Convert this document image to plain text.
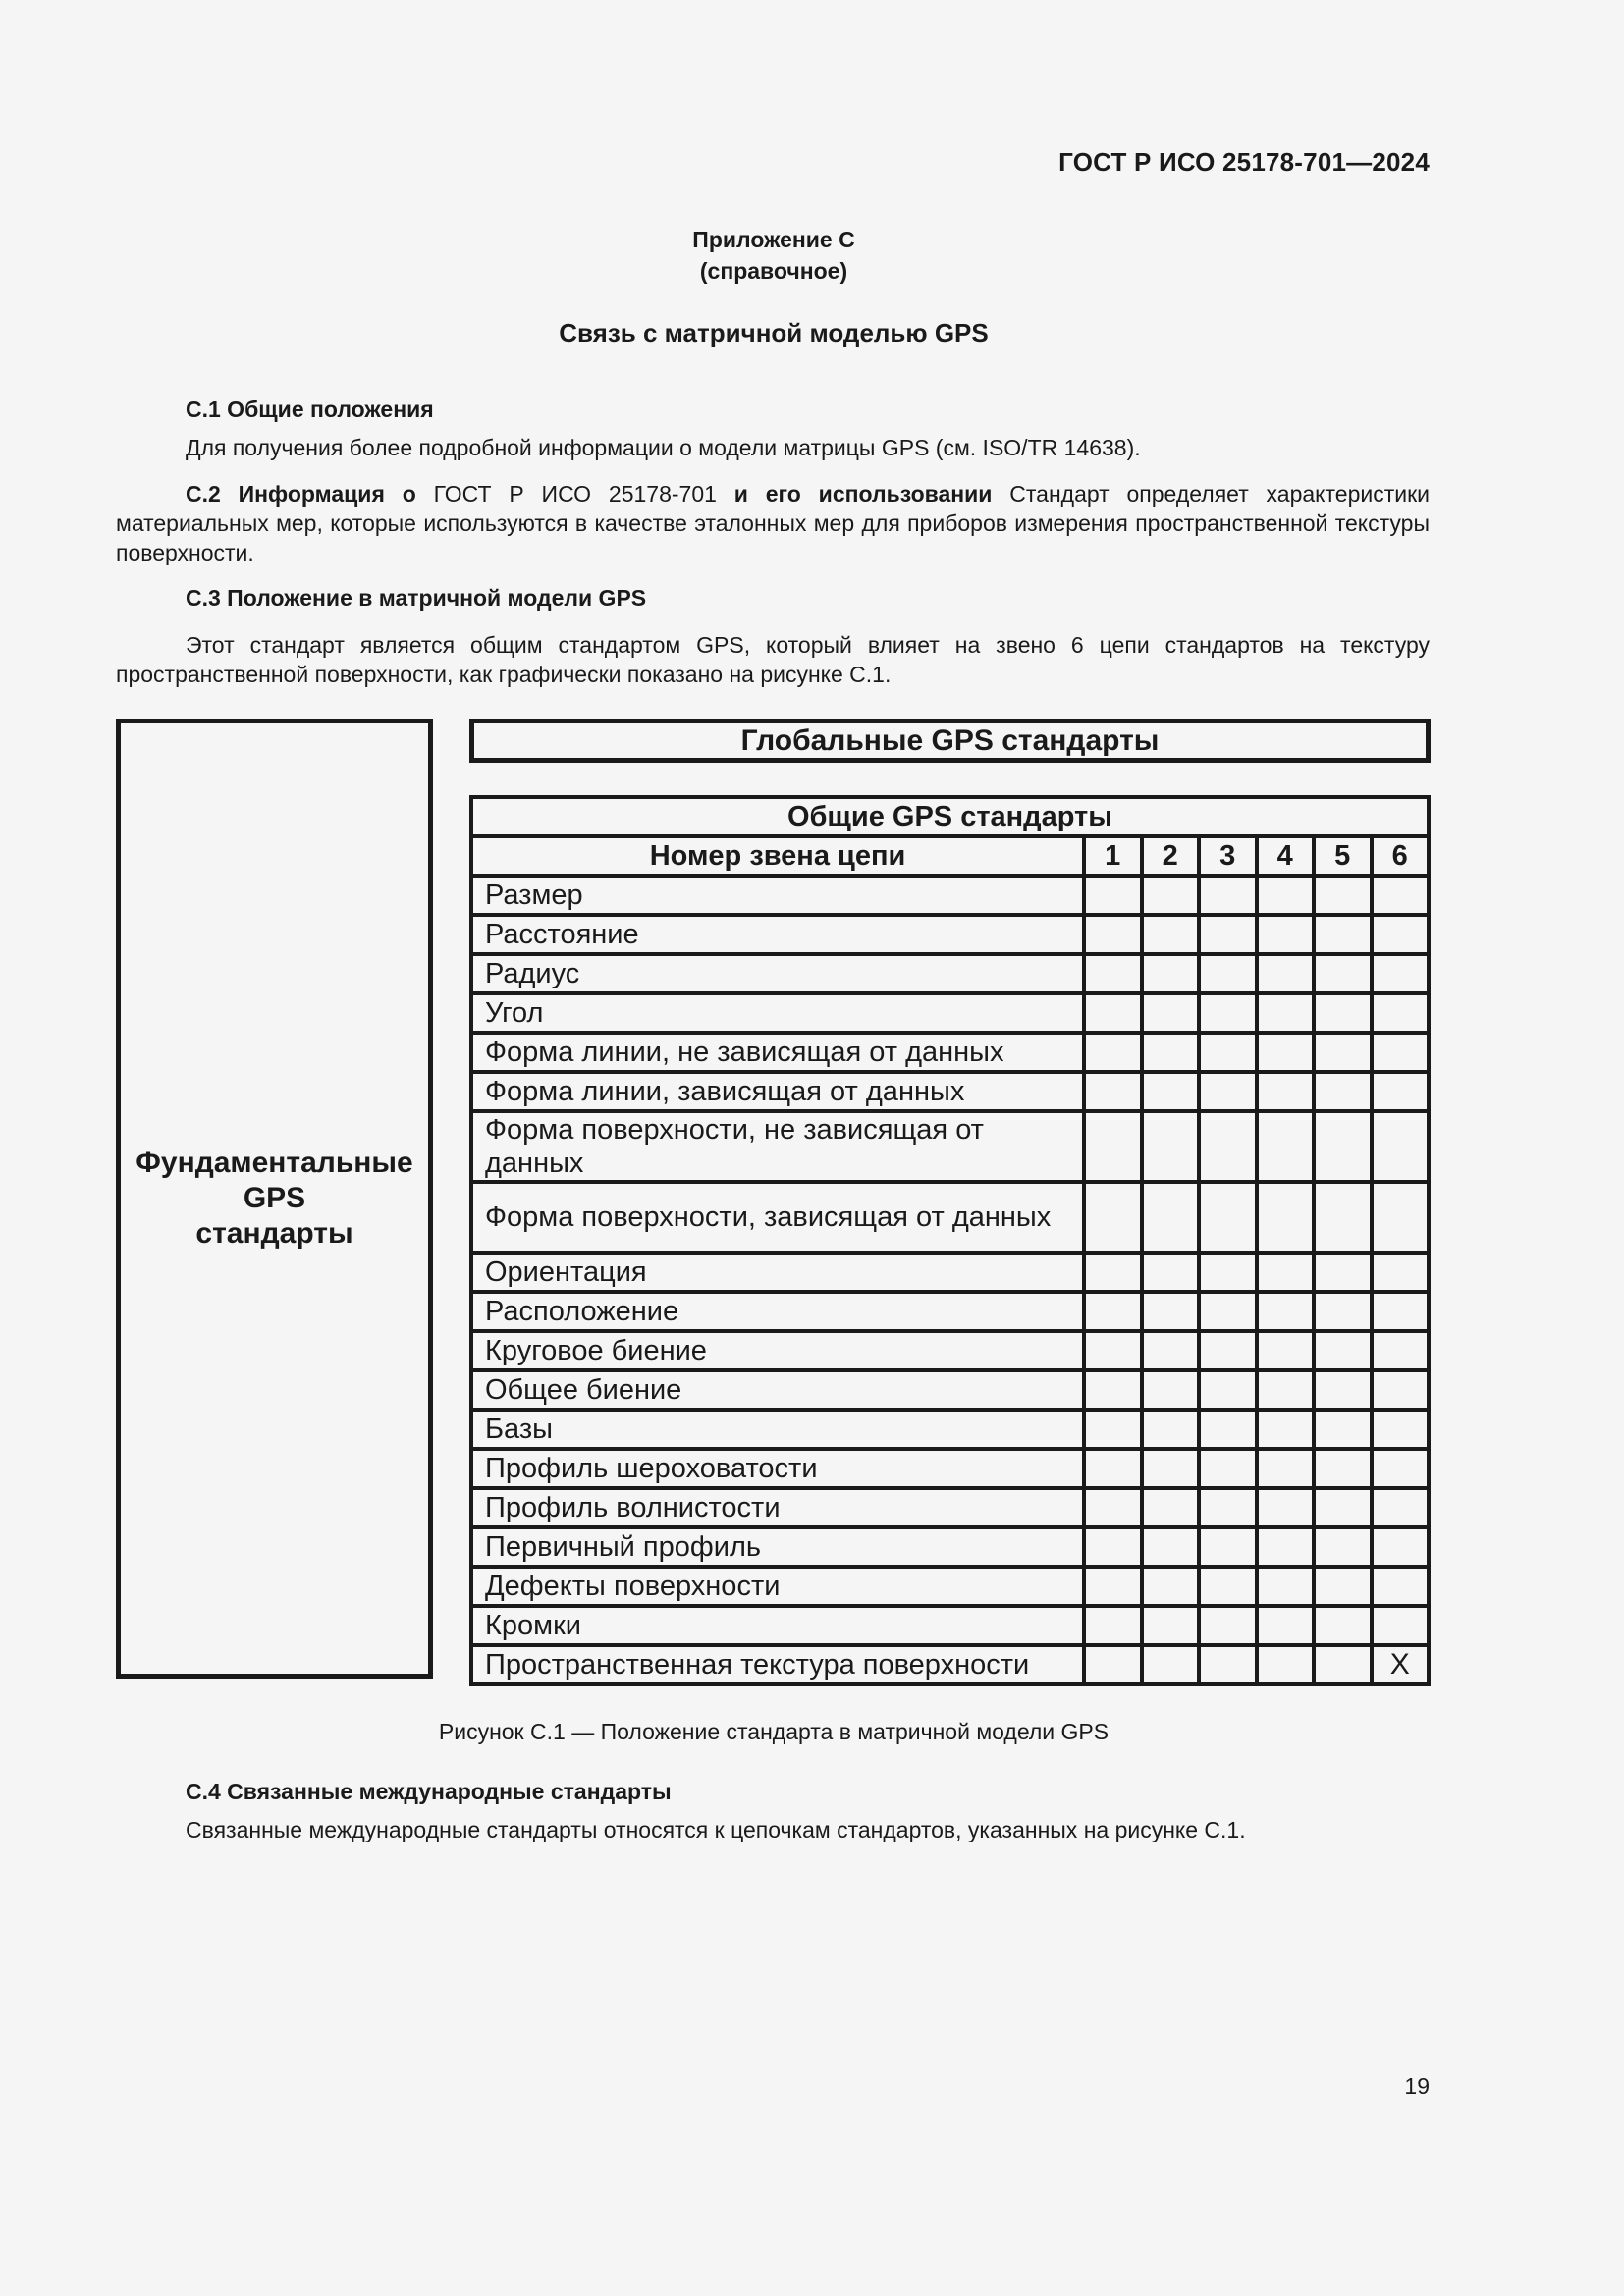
ГОСТ Р ИСО 25178-701—2024
Приложение С
(справочное)
Связь с матричной моделью GPS
С.1 Общие положения
Для получения более подробной информации о модели матрицы GPS (см. ISO/TR 14638).
С.2 Информация о ГОСТ Р ИСО 25178-701 и его использовании Стандарт определяет характеристики материальных мер, которые используются в качестве эталонных мер для приборов измерения пространственной текстуры поверхности.
С.3 Положение в матричной модели GPS
Этот стандарт является общим стандартом GPS, который влияет на звено 6 цепи стандартов на текстуру пространственной поверхности, как графически показано на рисунке С.1.
Фундаментальные
GPS
стандарты
Глобальные GPS стандарты
Общие GPS стандарты						
Номер звена цепи	1	2	3	4	5	6
Размер						
Расстояние						
Радиус						
Угол						
Форма линии, не зависящая от данных						
Форма линии, зависящая от данных						
Форма поверхности, не зависящая от данных						
Форма поверхности, зависящая от данных						
Ориентация						
Расположение						
Круговое биение						
Общее биение						
Базы						
Профиль шероховатости						
Профиль волнистости						
Первичный профиль						
Дефекты поверхности						
Кромки						
Пространственная текстура поверхности						X
Рисунок С.1 — Положение стандарта в матричной модели GPS
С.4 Связанные международные стандарты
Связанные международные стандарты относятся к цепочкам стандартов, указанных на рисунке С.1.
19
